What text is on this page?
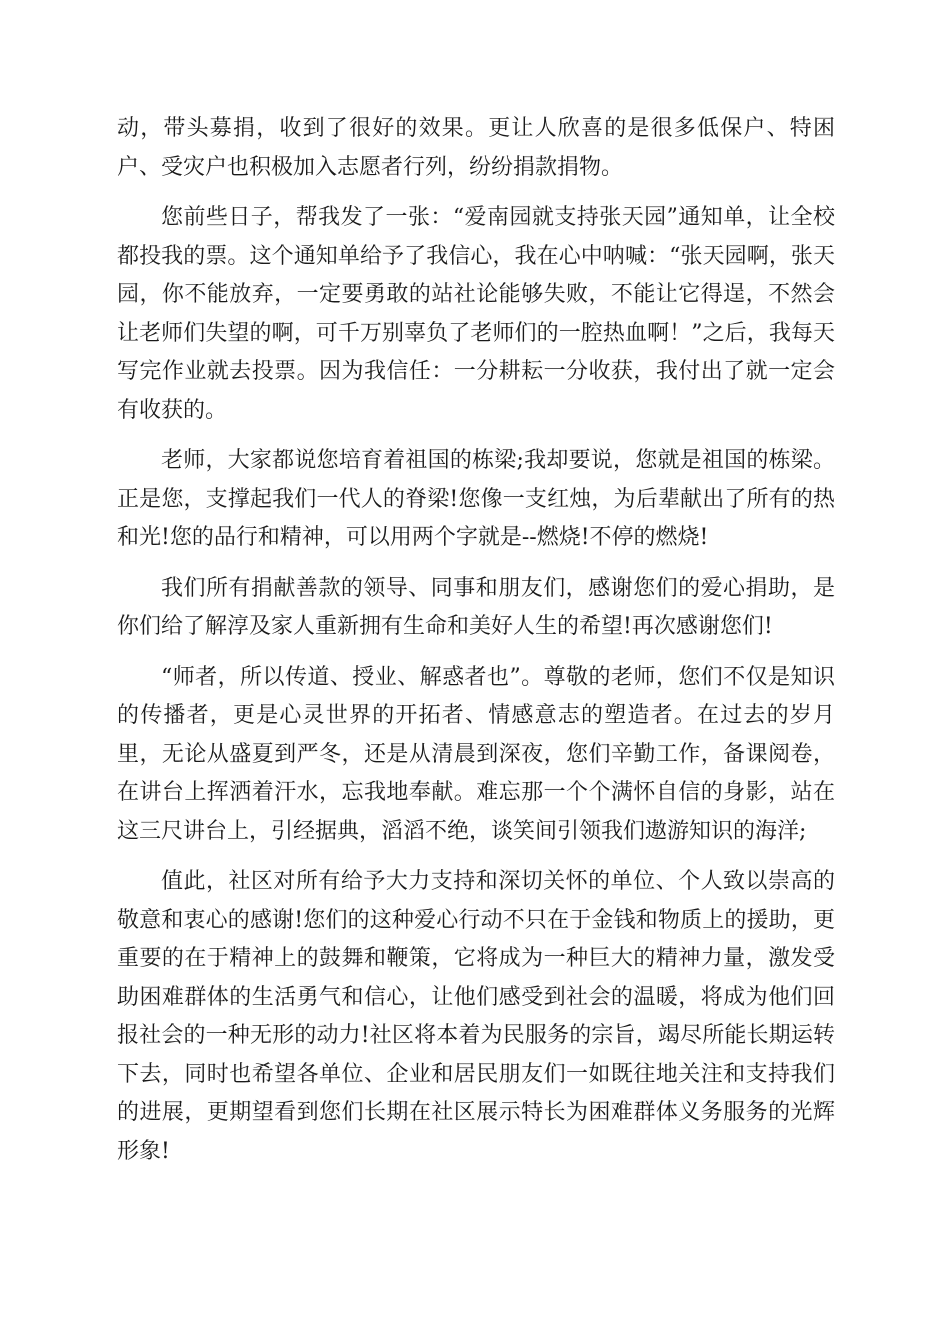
动，带头募捐，收到了很好的效果。更让人欣喜的是很多低保户、特困户、受灾户也积极加入志愿者行列，纷纷捐款捐物。

您前些日子，帮我发了一张：“爱南园就支持张天园”通知单，让全校都投我的票。这个通知单给予了我信心，我在心中呐喊：“张天园啊，张天园，你不能放弃，一定要勇敢的站社论能够失败，不能让它得逞，不然会让老师们失望的啊，可千万别辜负了老师们的一腔热血啊！”之后，我每天写完作业就去投票。因为我信任：一分耕耘一分收获，我付出了就一定会有收获的。

老师，大家都说您培育着祖国的栋梁;我却要说，您就是祖国的栋梁。正是您，支撑起我们一代人的脊梁!您像一支红烛，为后辈献出了所有的热和光!您的品行和精神，可以用两个字就是--燃烧!不停的燃烧!

我们所有捐献善款的领导、同事和朋友们，感谢您们的爱心捐助，是你们给了解淳及家人重新拥有生命和美好人生的希望!再次感谢您们!

“师者，所以传道、授业、解惑者也”。尊敬的老师，您们不仅是知识的传播者，更是心灵世界的开拓者、情感意志的塑造者。在过去的岁月里，无论从盛夏到严冬，还是从清晨到深夜，您们辛勤工作，备课阅卷，在讲台上挥洒着汗水，忘我地奉献。难忘那一个个满怀自信的身影，站在这三尺讲台上，引经据典，滔滔不绝，谈笑间引领我们遨游知识的海洋;

值此，社区对所有给予大力支持和深切关怀的单位、个人致以崇高的敬意和衷心的感谢!您们的这种爱心行动不只在于金钱和物质上的援助，更重要的在于精神上的鼓舞和鞭策，它将成为一种巨大的精神力量，激发受助困难群体的生活勇气和信心，让他们感受到社会的温暖，将成为他们回报社会的一种无形的动力!社区将本着为民服务的宗旨，竭尽所能长期运转下去，同时也希望各单位、企业和居民朋友们一如既往地关注和支持我们的进展，更期望看到您们长期在社区展示特长为困难群体义务服务的光辉形象!
